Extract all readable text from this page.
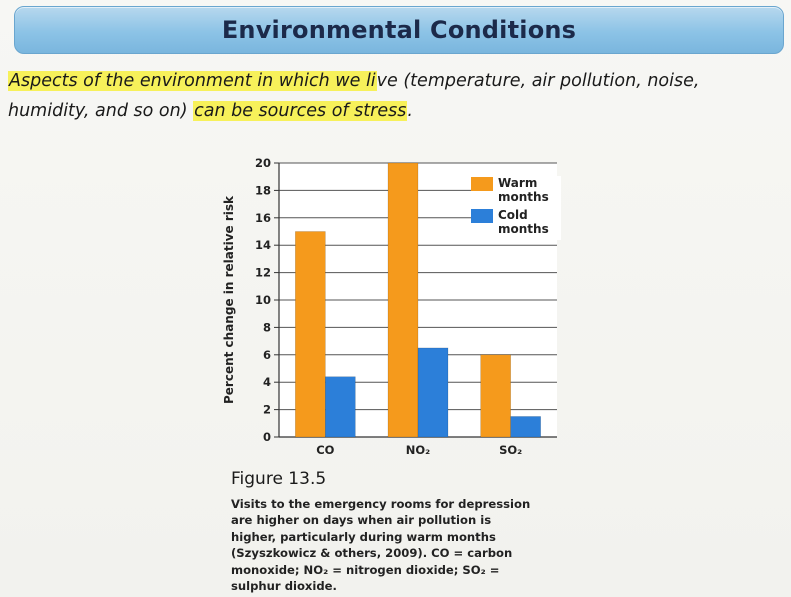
Environmental Conditions
Aspects of the environment in which we live (temperature, air pollution, noise, humidity, and so on) can be sources of stress.
Percent change in relative risk
0
2
4
6
8
10
12
14
16
18
20
CO	NO₂	SO₂
Warm months
Cold months
Figure 13.5
Visits to the emergency rooms for depression are higher on days when air pollution is higher, particularly during warm months (Szyszkowicz & others, 2009). CO = carbon monoxide; NO₂ = nitrogen dioxide; SO₂ = sulphur dioxide.
